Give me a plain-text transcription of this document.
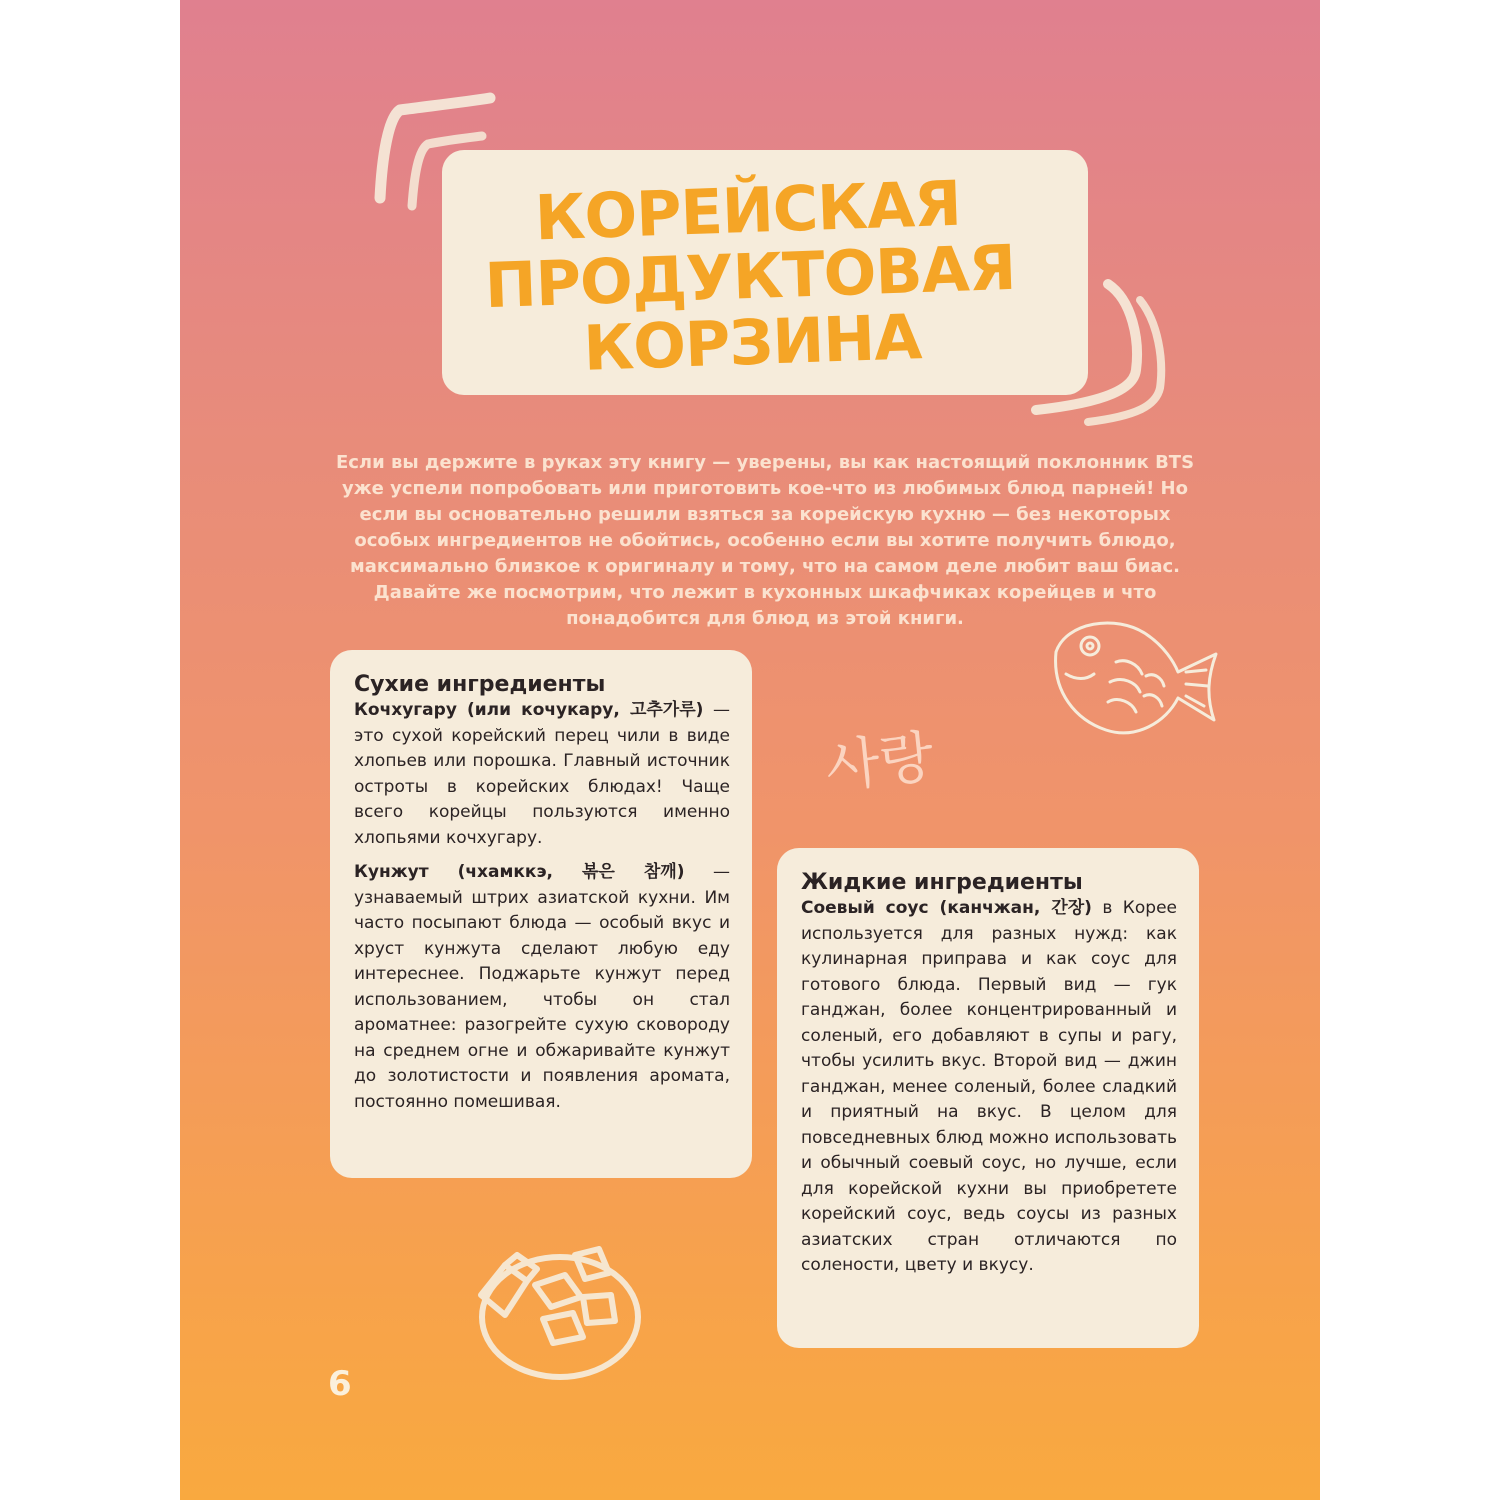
КОРЕЙСКАЯ
ПРОДУКТОВАЯ
КОРЗИНА
Если вы держите в руках эту книгу — уверены, вы как настоящий поклонник BTS уже успели попробовать или приготовить кое-что из любимых блюд парней! Но если вы основательно решили взяться за корейскую кухню — без некоторых особых ингредиентов не обойтись, особенно если вы хотите получить блюдо, максимально близкое к оригиналу и тому, что на самом деле любит ваш биас. Давайте же посмотрим, что лежит в кухонных шкафчиках корейцев и что понадобится для блюд из этой книги.
사랑
Сухие ингредиенты

Кочхугару (или кочукару, 고추가루) — это сухой корейский перец чили в виде хлопьев или порошка. Главный источник остроты в корейских блюдах! Чаще всего корейцы пользуются именно хлопьями кочхугару.

Кунжут (чхамккэ, 볶은 참깨) — узнаваемый штрих азиатской кухни. Им часто посыпают блюда — особый вкус и хруст кунжута сделают любую еду интереснее. Поджарьте кунжут перед использованием, чтобы он стал ароматнее: разогрейте сухую сковороду на среднем огне и обжаривайте кунжут до золотистости и появления аромата, постоянно помешивая.

Жидкие ингредиенты

Соевый соус (канчжан, 간장) в Корее используется для разных нужд: как кулинарная приправа и как соус для готового блюда. Первый вид — гук ганджан, более концентрированный и соленый, его добавляют в супы и рагу, чтобы усилить вкус. Второй вид — джин ганджан, менее соленый, более сладкий и приятный на вкус. В целом для повседневных блюд можно использовать и обычный соевый соус, но лучше, если для корейской кухни вы приобретете корейский соус, ведь соусы из разных азиатских стран отличаются по солености, цвету и вкусу.

6
